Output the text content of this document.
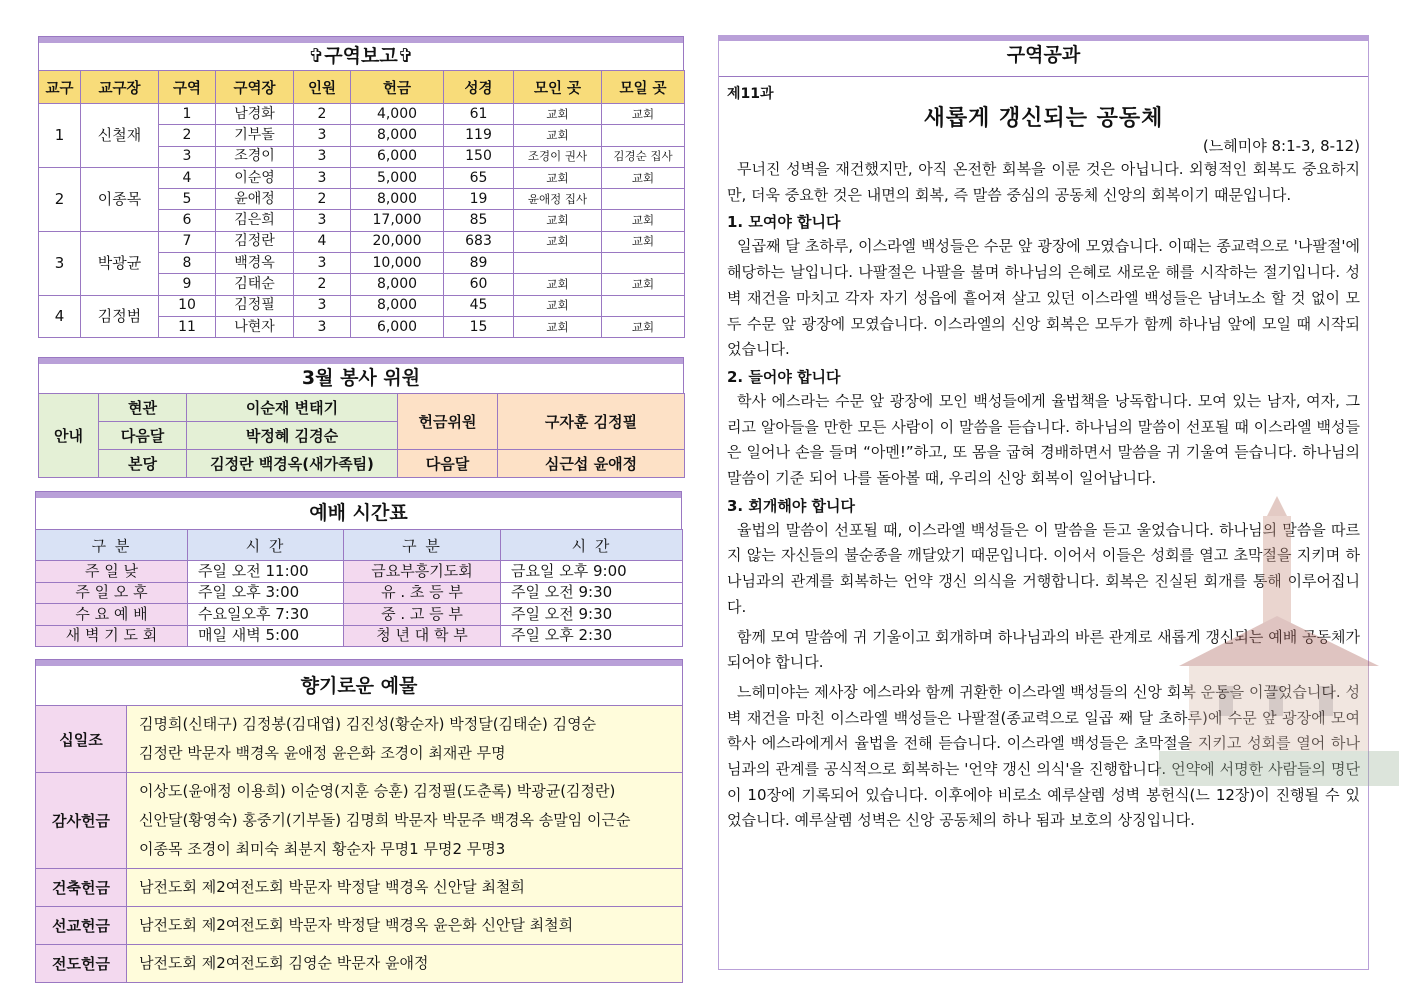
✞구역보고✞
교구	교구장	구역	구역장	인원	헌금	성경	모인 곳	모일 곳
1	신철재	1	남경화	2	4,000	61	교회	교회
		2	기부돌	3	8,000	119	교회	
		3	조경이	3	6,000	150	조경이 권사	김경순 집사
2	이종목	4	이순영	3	5,000	65	교회	교회
		5	윤애정	2	8,000	19	윤애정 집사	
		6	김은희	3	17,000	85	교회	교회
3	박광균	7	김정란	4	20,000	683	교회	교회
		8	백경옥	3	10,000	89		
		9	김태순	2	8,000	60	교회	교회
4	김정범	10	김정필	3	8,000	45	교회	
		11	나현자	3	6,000	15	교회	교회
3월 봉사 위원
안내	현관	이순재 변태기	헌금위원	구자훈 김정필
	다음달	박정혜 김경순		
	본당	김정란 백경옥(새가족팀)	다음달	심근섭 윤애정
예배 시간표
구 분	시 간	구 분	시 간
주 일 낮	주일 오전 11:00	금요부흥기도회	금요일 오후 9:00
주 일 오 후	주일 오후 3:00	유 . 초 등 부	주일 오전 9:30
수 요 예 배	수요일오후 7:30	중 . 고 등 부	주일 오전 9:30
새 벽 기 도 회	매일 새벽 5:00	청 년 대 학 부	주일 오후 2:30
향기로운 예물
십일조	김명희(신태구) 김정봉(김대엽) 김진성(황순자) 박정달(김태순) 김영순
김정란 박문자 백경옥 윤애정 윤은화 조경이 최재관 무명

감사헌금	이상도(윤애정 이용희) 이순영(지훈 승훈) 김정필(도춘록) 박광균(김정란)
신안달(황영숙) 홍중기(기부돌) 김명희 박문자 박문주 백경옥 송말임 이근순
이종목 조경이 최미숙 최분지 황순자 무명1 무명2 무명3

건축헌금	남전도회 제2여전도회 박문자 박정달 백경옥 신안달 최철희

선교헌금	남전도회 제2여전도회 박문자 박정달 백경옥 윤은화 신안달 최철희

전도헌금	남전도회 제2여전도회 김영순 박문자 윤애정
구역공과
제11과
새롭게 갱신되는 공동체
(느헤미야 8:1-3, 8-12)

무너진 성벽을 재건했지만, 아직 온전한 회복을 이룬 것은 아닙니다. 외형적인 회복도 중요하지만, 더욱 중요한 것은 내면의 회복, 즉 말씀 중심의 공동체 신앙의 회복이기 때문입니다.

1. 모여야 합니다

일곱째 달 초하루, 이스라엘 백성들은 수문 앞 광장에 모였습니다. 이때는 종교력으로 '나팔절'에 해당하는 날입니다. 나팔절은 나팔을 불며 하나님의 은혜로 새로운 해를 시작하는 절기입니다. 성벽 재건을 마치고 각자 자기 성읍에 흩어져 살고 있던 이스라엘 백성들은 남녀노소 할 것 없이 모두 수문 앞 광장에 모였습니다. 이스라엘의 신앙 회복은 모두가 함께 하나님 앞에 모일 때 시작되었습니다.

2. 들어야 합니다

학사 에스라는 수문 앞 광장에 모인 백성들에게 율법책을 낭독합니다. 모여 있는 남자, 여자, 그리고 알아들을 만한 모든 사람이 이 말씀을 듣습니다. 하나님의 말씀이 선포될 때 이스라엘 백성들은 일어나 손을 들며 “아멘!”하고, 또 몸을 굽혀 경배하면서 말씀을 귀 기울여 듣습니다. 하나님의 말씀이 기준 되어 나를 돌아볼 때, 우리의 신앙 회복이 일어납니다.

3. 회개해야 합니다

율법의 말씀이 선포될 때, 이스라엘 백성들은 이 말씀을 듣고 울었습니다. 하나님의 말씀을 따르지 않는 자신들의 불순종을 깨달았기 때문입니다. 이어서 이들은 성회를 열고 초막절을 지키며 하나님과의 관계를 회복하는 언약 갱신 의식을 거행합니다. 회복은 진실된 회개를 통해 이루어집니다.

함께 모여 말씀에 귀 기울이고 회개하며 하나님과의 바른 관계로 새롭게 갱신되는 예배 공동체가 되어야 합니다.

느헤미야는 제사장 에스라와 함께 귀환한 이스라엘 백성들의 신앙 회복 운동을 이끌었습니다. 성벽 재건을 마친 이스라엘 백성들은 나팔절(종교력으로 일곱 째 달 초하루)에 수문 앞 광장에 모여 학사 에스라에게서 율법을 전해 듣습니다. 이스라엘 백성들은 초막절을 지키고 성회를 열어 하나님과의 관계를 공식적으로 회복하는 '언약 갱신 의식'을 진행합니다. 언약에 서명한 사람들의 명단이 10장에 기록되어 있습니다. 이후에야 비로소 예루살렘 성벽 봉헌식(느 12장)이 진행될 수 있었습니다. 예루살렘 성벽은 신앙 공동체의 하나 됨과 보호의 상징입니다.
